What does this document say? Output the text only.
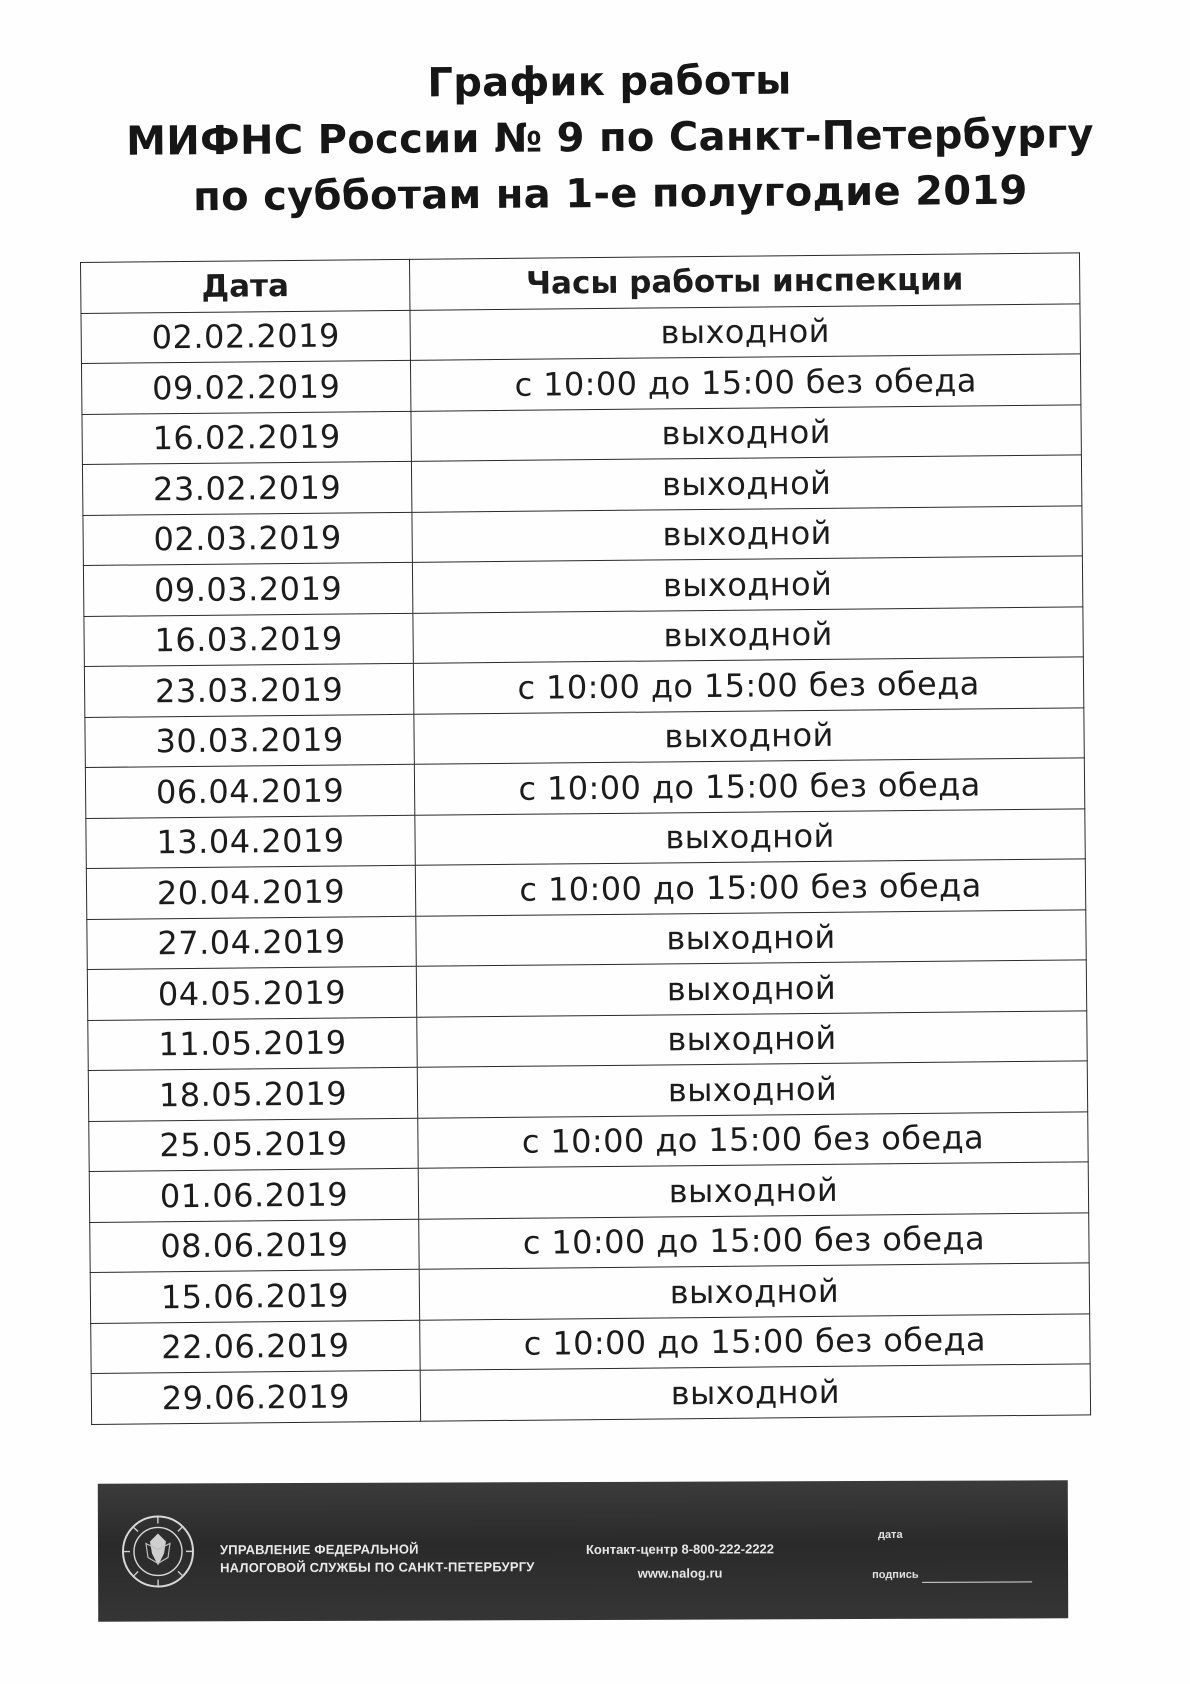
График работы
МИФНС России № 9 по Санкт-Петербургу
по субботам на 1-е полугодие 2019
Дата	Часы работы инспекции
02.02.2019	выходной
09.02.2019	с 10:00 до 15:00 без обеда
16.02.2019	выходной
23.02.2019	выходной
02.03.2019	выходной
09.03.2019	выходной
16.03.2019	выходной
23.03.2019	с 10:00 до 15:00 без обеда
30.03.2019	выходной
06.04.2019	с 10:00 до 15:00 без обеда
13.04.2019	выходной
20.04.2019	с 10:00 до 15:00 без обеда
27.04.2019	выходной
04.05.2019	выходной
11.05.2019	выходной
18.05.2019	выходной
25.05.2019	с 10:00 до 15:00 без обеда
01.06.2019	выходной
08.06.2019	с 10:00 до 15:00 без обеда
15.06.2019	выходной
22.06.2019	с 10:00 до 15:00 без обеда
29.06.2019	выходной
УПРАВЛЕНИЕ ФЕДЕРАЛЬНОЙ
НАЛОГОВОЙ СЛУЖБЫ ПО САНКТ-ПЕТЕРБУРГУ
Контакт-центр 8-800-222-2222
www.nalog.ru
дата
подпись
